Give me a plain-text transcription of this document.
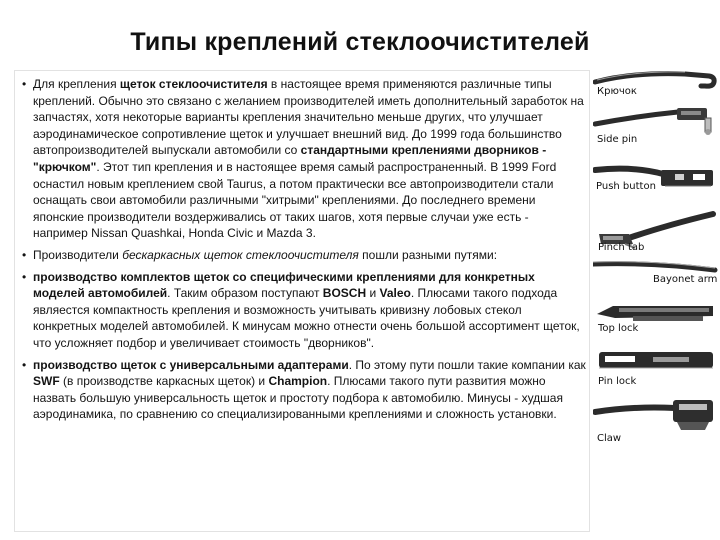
Типы креплений стеклоочистителей
• Для крепления щеток стеклоочистителя в настоящее время применяются различные типы креплений. Обычно это связано с желанием производителей иметь дополнительный заработок на запчастях, хотя некоторые варианты крепления значительно меньше других, что улучшает аэродинамическое сопротивление щеток и улучшает внешний вид. До 1999 года большинство автопроизводителей выпускали автомобили со стандартными креплениями дворников - "крючком". Этот тип крепления и в настоящее время самый распространенный. В 1999 Ford оснастил новым креплением свой Taurus, а потом практически все автопроизводители стали оснащать свои автомобили различными "хитрыми" креплениями. До последнего времени японские производители воздерживались от таких шагов, хотя первые случаи уже есть - например Nissan Quashkai, Honda Civic и Mazda 3.
• Производители бескаркасных щеток стеклоочистителя пошли разными путями:
• производство комплектов щеток со специфическими креплениями для конкретных моделей автомобилей. Таким образом поступают BOSCH и Valeo. Плюсами такого подхода являестся компактность крепления и возможность учитывать кривизну лобовых стекол конкретных моделей автомобилей. К минусам можно отнести очень большой ассортимент щеток, что усложняет подбор и увеличивает стоимость "дворников".
• производство щеток с универсальными адаптерами. По этому пути пошли такие компании как SWF (в производстве каркасных щеток) и Champion. Плюсами такого пути развития можно назвать большую универсальность щеток и простоту подбора к автомобилю. Минусы - худшая аэродинамика, по сравнению со специализированными креплениями и сложность установки.
Крючок
Side pin
Push button
Pinch tab
Bayonet arm
Top lock
Pin lock
Claw
